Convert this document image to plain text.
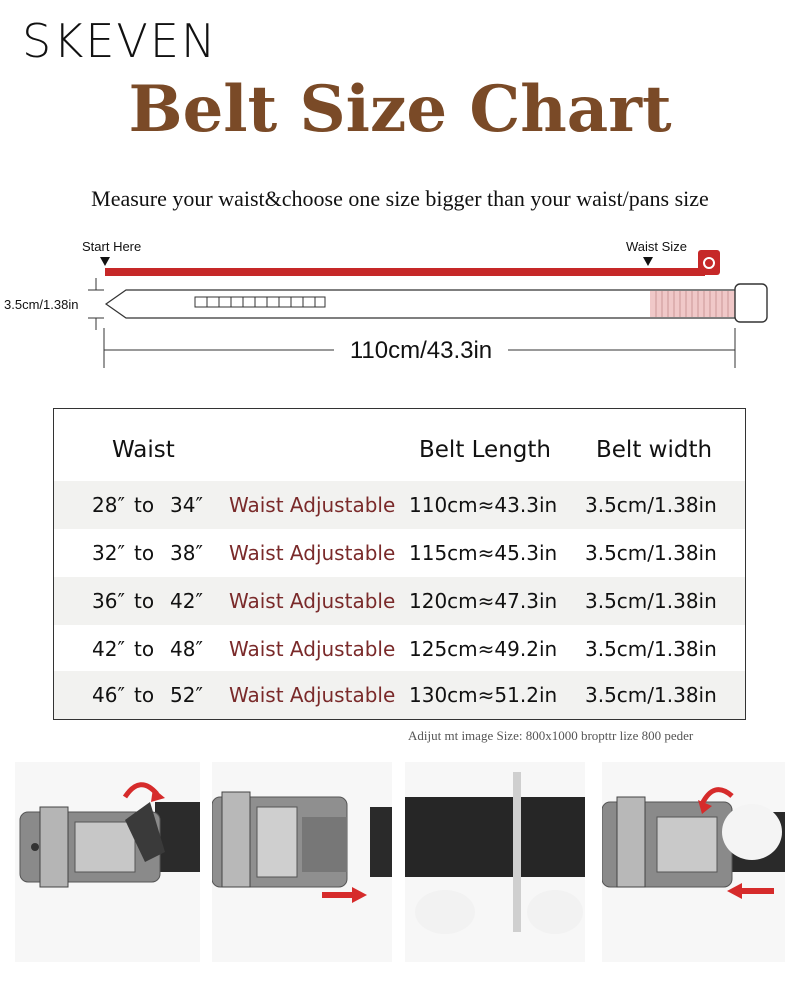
SKEVEN
Belt Size Chart
Measure your waist&choose one size bigger than your waist/pans size
Start Here	Waist Size
3.5cm/1.38in
110cm/43.3in
Waist	Belt Length Belt width
28″ to 34″ Waist Adjustable 110cm≈43.3in 3.5cm/1.38in
32″ to 38″ Waist Adjustable 115cm≈45.3in 3.5cm/1.38in
36″ to 42″ Waist Adjustable 120cm≈47.3in 3.5cm/1.38in
42″ to 48″ Waist Adjustable 125cm≈49.2in 3.5cm/1.38in
46″ to 52″ Waist Adjustable 130cm≈51.2in 3.5cm/1.38in
Adijut mt image Size: 800x1000 bropttr lize 800 peder
